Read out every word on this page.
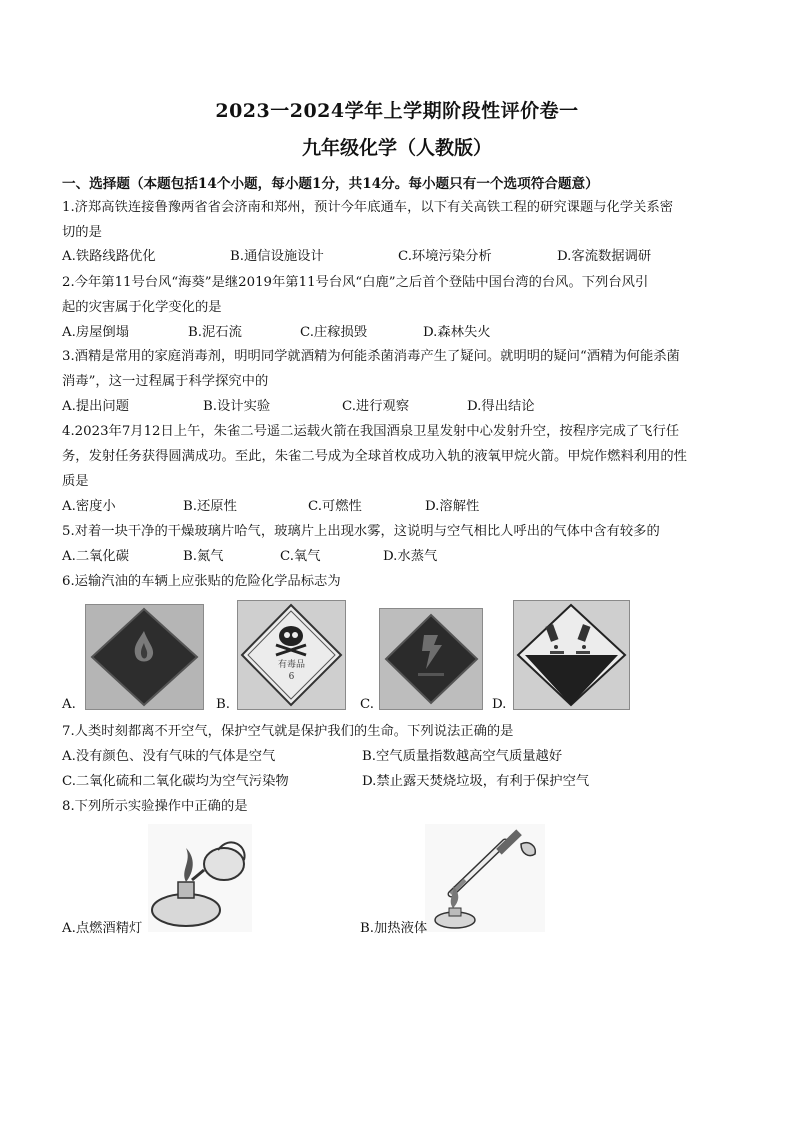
2023一2024学年上学期阶段性评价卷一
九年级化学（人教版）
一、选择题（本题包括14个小题，每小题1分，共14分。每小题只有一个选项符合题意）
1.济郑高铁连接鲁豫两省省会济南和郑州，预计今年底通车，以下有关高铁工程的研究课题与化学关系密
切的是
A.铁路线路优化	B.通信设施设计	C.环境污染分析	D.客流数据调研
2.今年第11号台风“海葵”是继2019年第11号台风“白鹿”之后首个登陆中国台湾的台风。下列台风引
起的灾害属于化学变化的是
A.房屋倒塌	B.泥石流	C.庄稼损毁	D.森林失火
3.酒精是常用的家庭消毒剂，明明同学就酒精为何能杀菌消毒产生了疑问。就明明的疑问“酒精为何能杀菌
消毒”，这一过程属于科学探究中的
A.提出问题	B.设计实验	C.进行观察	D.得出结论
4.2023年7月12日上午，朱雀二号遥二运载火箭在我国酒泉卫星发射中心发射升空，按程序完成了飞行任
务，发射任务获得圆满成功。至此，朱雀二号成为全球首枚成功入轨的液氧甲烷火箭。甲烷作燃料利用的性
质是
A.密度小	B.还原性	C.可燃性	D.溶解性
5.对着一块干净的干燥玻璃片哈气，玻璃片上出现水雾，这说明与空气相比人呼出的气体中含有较多的
A.二氧化碳	B.氮气	C.氧气	D.水蒸气
6.运输汽油的车辆上应张贴的危险化学品标志为
A.	B.
有毒品
6
C.	D.
7.人类时刻都离不开空气，保护空气就是保护我们的生命。下列说法正确的是
A.没有颜色、没有气味的气体是空气	B.空气质量指数越高空气质量越好
C.二氧化硫和二氧化碳均为空气污染物	D.禁止露天焚烧垃圾，有利于保护空气
8.下列所示实验操作中正确的是
A.点燃酒精灯	B.加热液体
